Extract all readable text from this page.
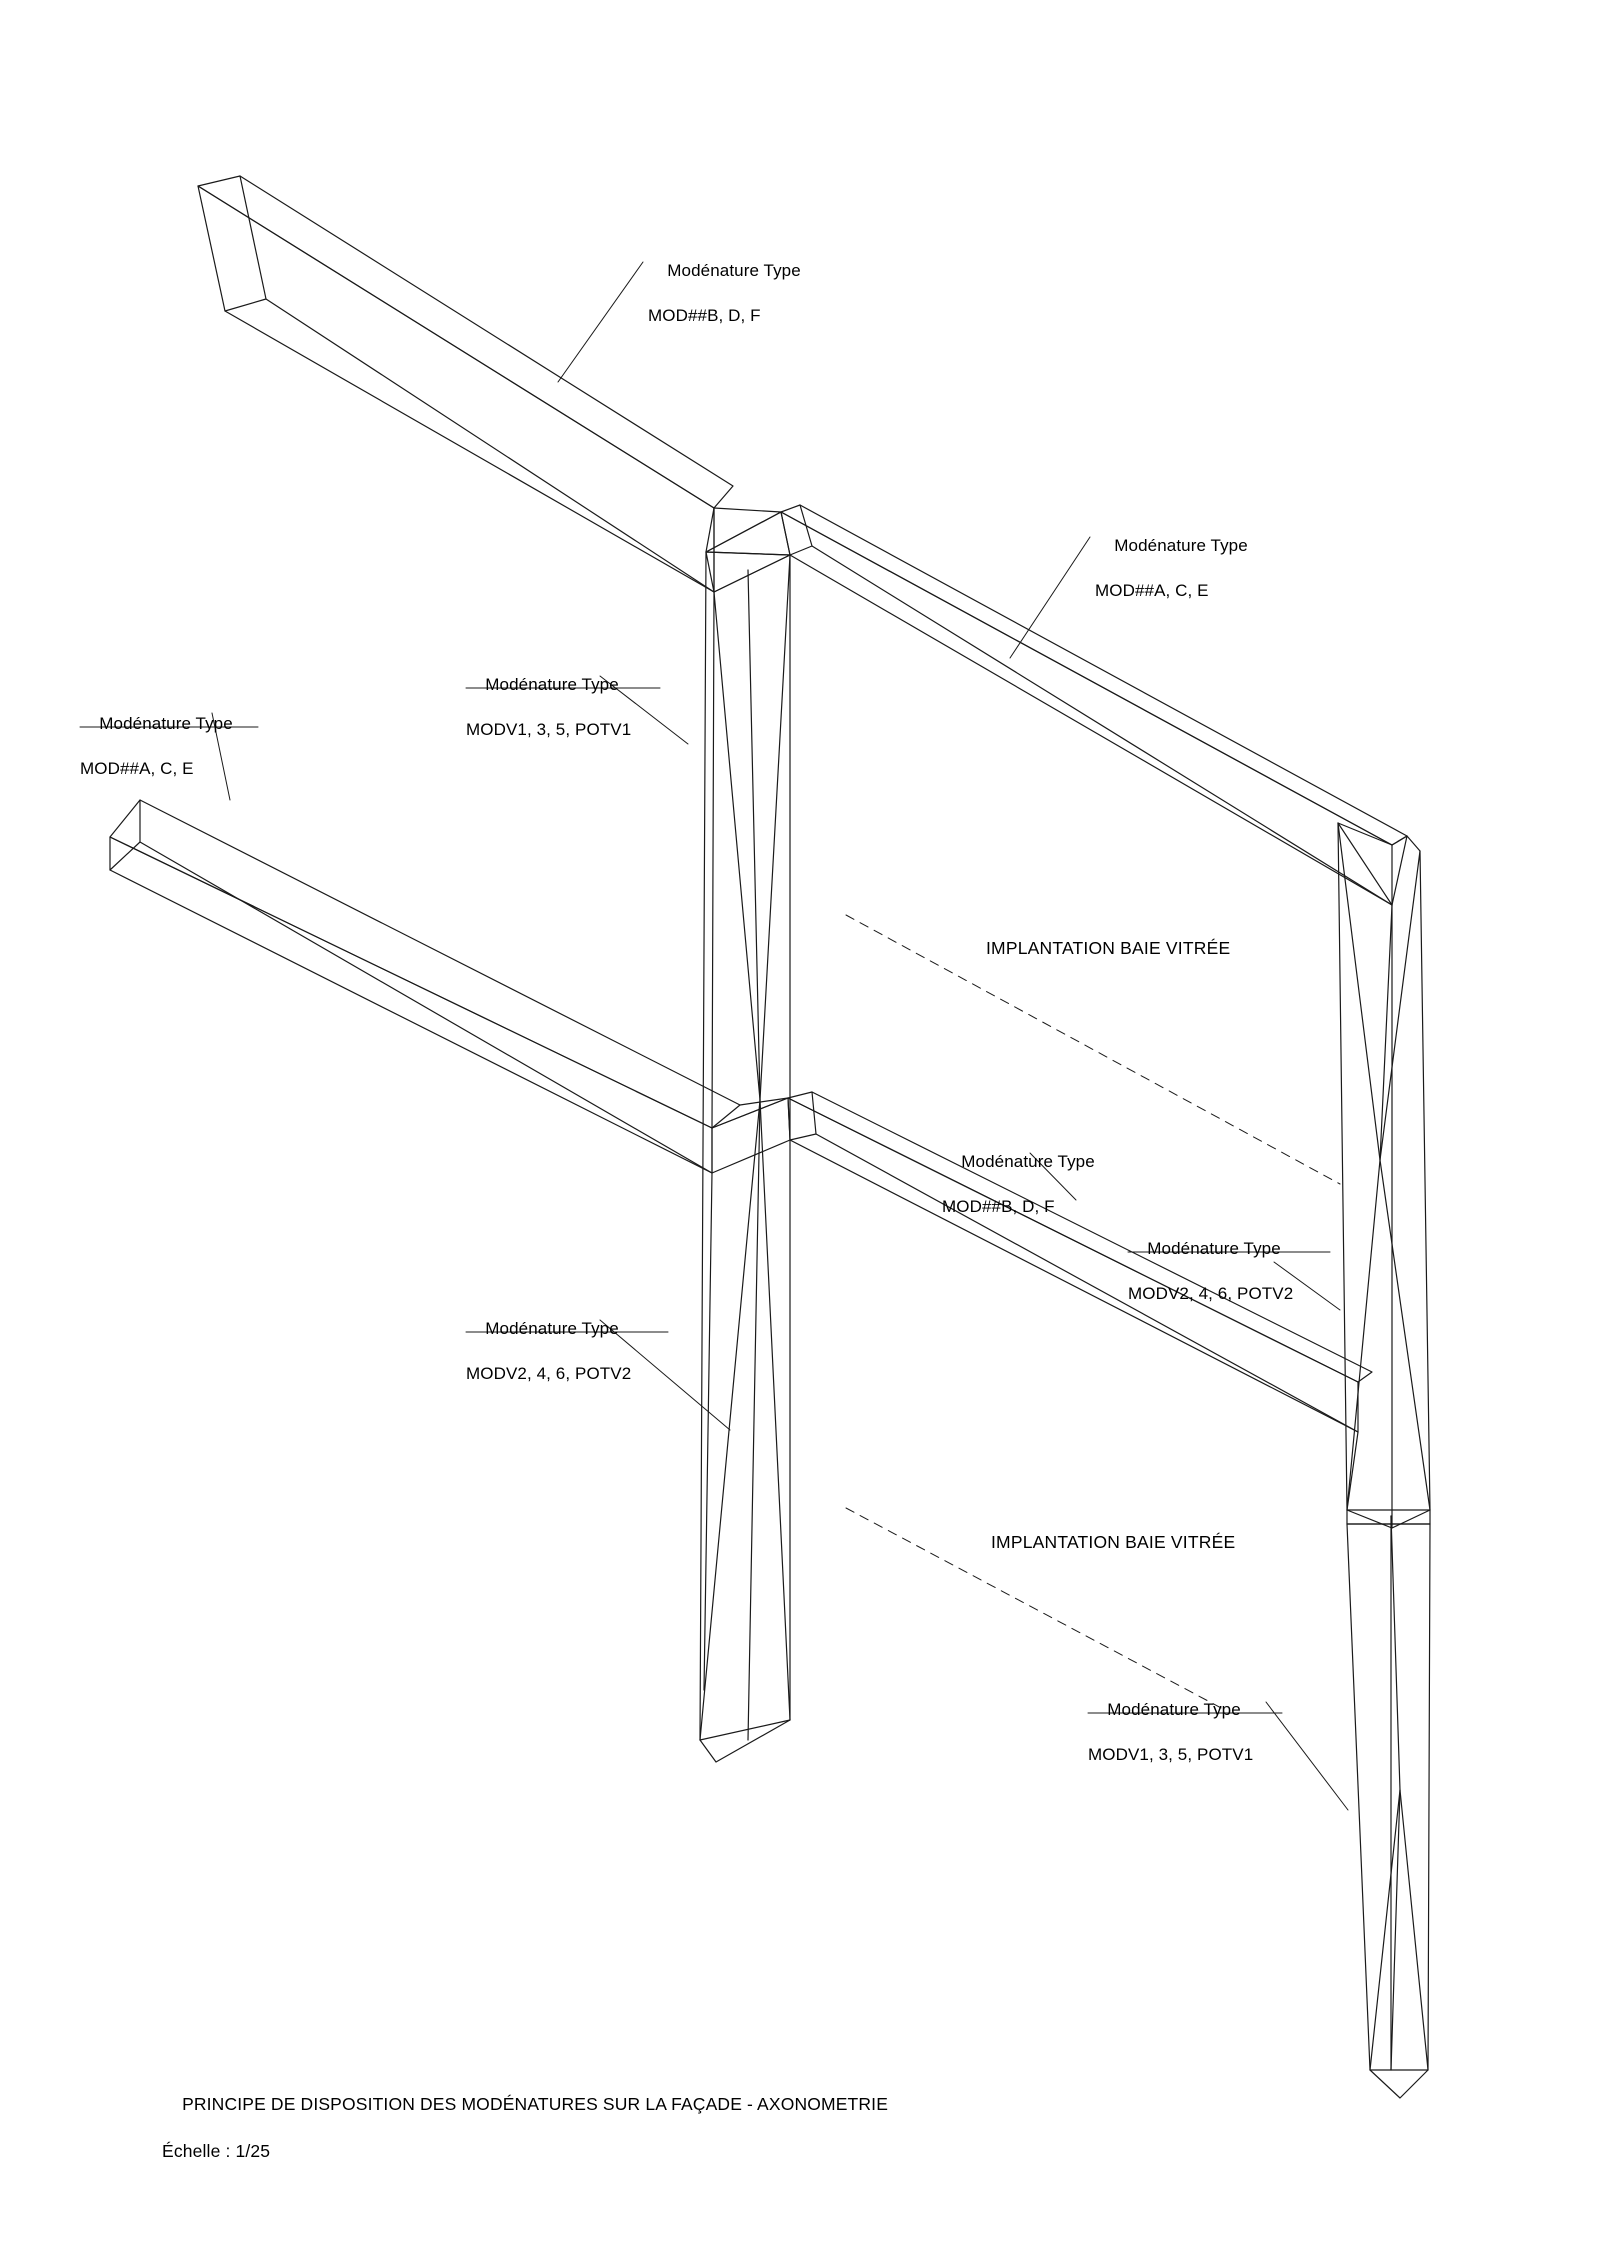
Modénature Type

MOD##B, D, F

Modénature Type

MOD##A, C, E

Modénature Type

MODV1, 3, 5, POTV1

Modénature Type

MOD##A, C, E

Modénature Type

MOD##B, D, F

Modénature Type

MODV2, 4, 6, POTV2

Modénature Type

MODV2, 4, 6, POTV2

Modénature Type

MODV1, 3, 5, POTV1

IMPLANTATION BAIE VITRÉE
IMPLANTATION BAIE VITRÉE

PRINCIPE DE DISPOSITION DES MODÉNATURES SUR LA FAÇADE - AXONOMETRIE

Échelle : 1/25
